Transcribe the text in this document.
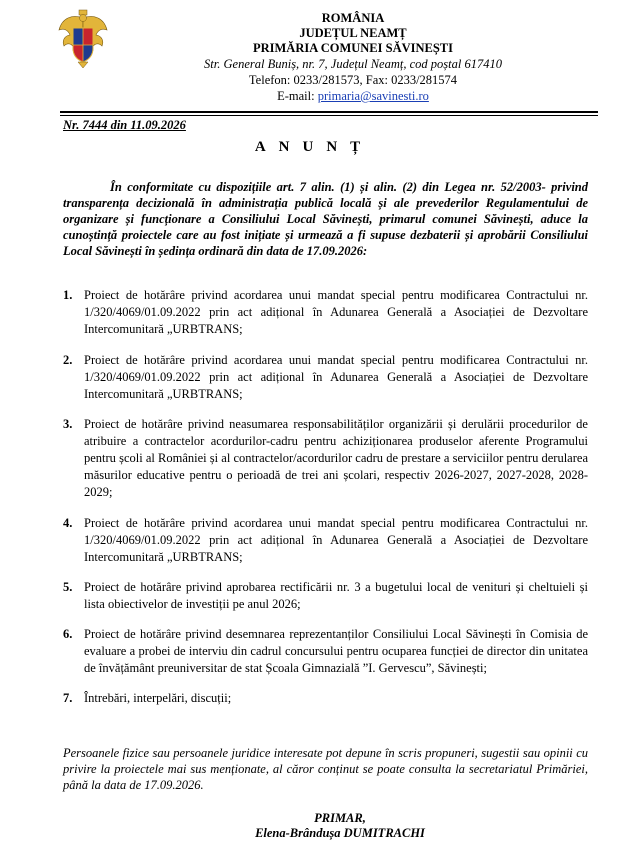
ROMÂNIA

JUDEȚUL NEAMȚ

PRIMĂRIA COMUNEI SĂVINEȘTI

Str. General Buniș, nr. 7, Județul Neamț, cod poștal 617410

Telefon: 0233/281573, Fax: 0233/281574

E-mail: primaria@savinesti.ro

Nr. 7444 din 11.09.2026

ANUNȚ

În conformitate cu dispozițiile art. 7 alin. (1) și alin. (2) din Legea nr. 52/2003- privind transparența decizională în administrația publică locală și ale prevederilor Regulamentului de organizare și funcționare a Consiliului Local Săvinești, primarul comunei Săvinești, aduce la cunoștință proiectele care au fost inițiate și urmează a fi supuse dezbaterii și aprobării Consiliului Local Săvinești în ședința ordinară din data de 17.09.2026:

1. Proiect de hotărâre privind acordarea unui mandat special pentru modificarea Contractului nr. 1/320/4069/01.09.2022 prin act adițional în Adunarea Generală a Asociației de Dezvoltare Intercomunitară „URBTRANS;
2. Proiect de hotărâre privind acordarea unui mandat special pentru modificarea Contractului nr. 1/320/4069/01.09.2022 prin act adițional în Adunarea Generală a Asociației de Dezvoltare Intercomunitară „URBTRANS;
3. Proiect de hotărâre privind neasumarea responsabilităților organizării și derulării procedurilor de atribuire a contractelor acordurilor-cadru pentru achiziționarea produselor aferente Programului pentru școli al României și al contractelor/acordurilor cadru de prestare a serviciilor pentru derularea măsurilor educative pentru o perioadă de trei ani școlari, respectiv 2026-2027, 2027-2028, 2028-2029;
4. Proiect de hotărâre privind acordarea unui mandat special pentru modificarea Contractului nr. 1/320/4069/01.09.2022 prin act adițional în Adunarea Generală a Asociației de Dezvoltare Intercomunitară „URBTRANS;
5. Proiect de hotărâre privind aprobarea rectificării nr. 3 a bugetului local de venituri și cheltuieli și lista obiectivelor de investiții pe anul 2026;
6. Proiect de hotărâre privind desemnarea reprezentanților Consiliului Local Săvinești în Comisia de evaluare a probei de interviu din cadrul concursului pentru ocuparea funcției de director din unitatea de învățământ preuniversitar de stat Școala Gimnazială ”I. Gervescu”, Săvinești;
7. Întrebări, interpelări, discuții;

Persoanele fizice sau persoanele juridice interesate pot depune în scris propuneri, sugestii sau opinii cu privire la proiectele mai sus menționate, al căror conținut se poate consulta la secretariatul Primăriei, până la data de 17.09.2026.

PRIMAR,

Elena-Brândușa DUMITRACHI
